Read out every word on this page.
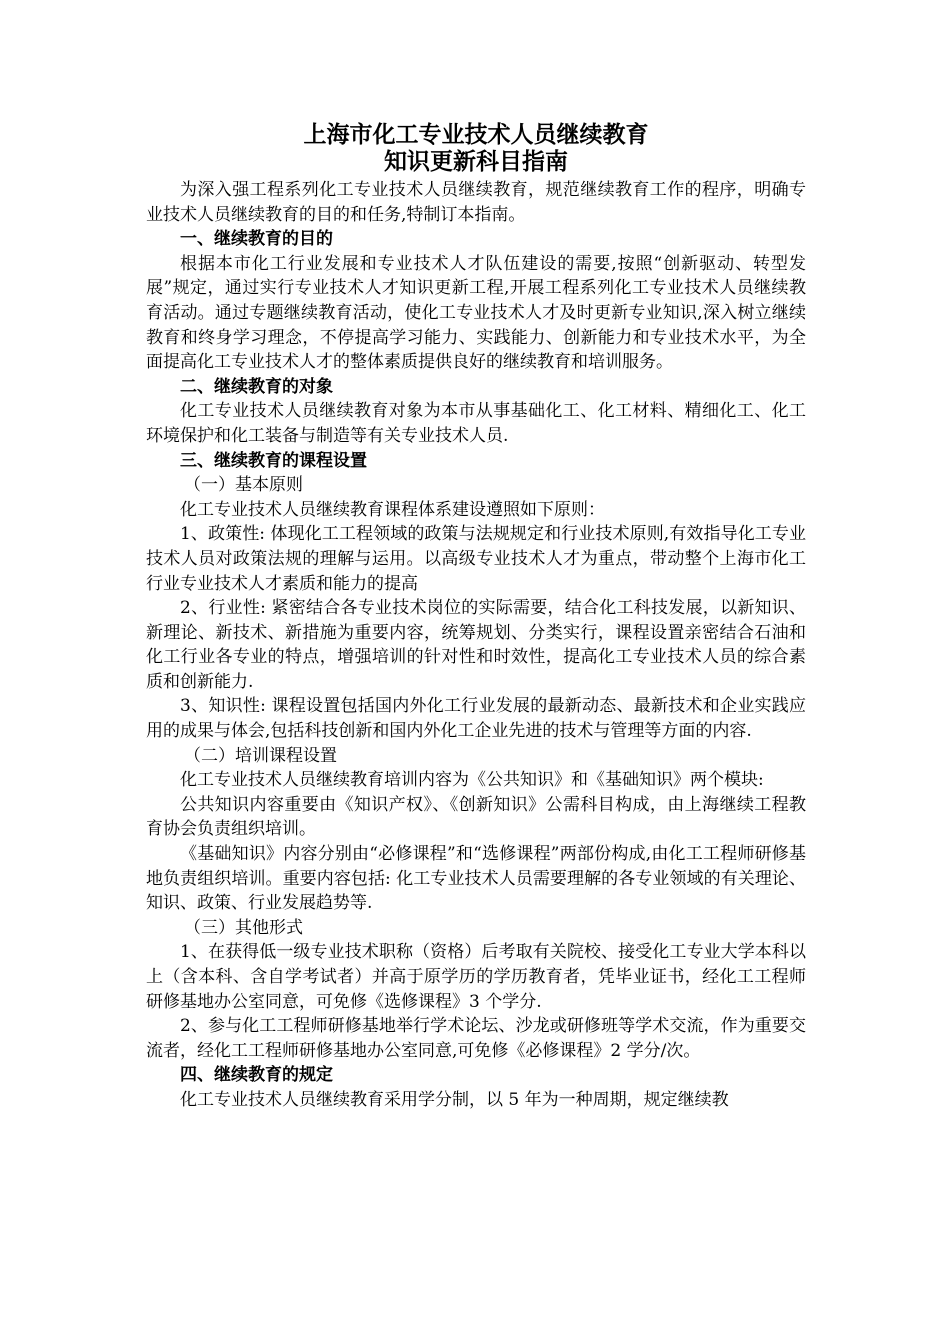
上海市化工专业技术人员继续教育
知识更新科目指南

为深入强工程系列化工专业技术人员继续教育，规范继续教育工作的程序，明确专业技术人员继续教育的目的和任务,特制订本指南。

一、继续教育的目的

根据本市化工行业发展和专业技术人才队伍建设的需要,按照“创新驱动、转型发展”规定，通过实行专业技术人才知识更新工程,开展工程系列化工专业技术人员继续教育活动。通过专题继续教育活动，使化工专业技术人才及时更新专业知识,深入树立继续教育和终身学习理念，不停提高学习能力、实践能力、创新能力和专业技术水平，为全面提高化工专业技术人才的整体素质提供良好的继续教育和培训服务。

二、继续教育的对象

化工专业技术人员继续教育对象为本市从事基础化工、化工材料、精细化工、化工环境保护和化工装备与制造等有关专业技术人员.

三、继续教育的课程设置

（一）基本原则

化工专业技术人员继续教育课程体系建设遵照如下原则：

1、政策性: 体现化工工程领域的政策与法规规定和行业技术原则,有效指导化工专业技术人员对政策法规的理解与运用。以高级专业技术人才为重点，带动整个上海市化工行业专业技术人才素质和能力的提高

2、行业性: 紧密结合各专业技术岗位的实际需要，结合化工科技发展，以新知识、新理论、新技术、新措施为重要内容，统筹规划、分类实行，课程设置亲密结合石油和化工行业各专业的特点，增强培训的针对性和时效性，提高化工专业技术人员的综合素质和创新能力.

3、知识性: 课程设置包括国内外化工行业发展的最新动态、最新技术和企业实践应用的成果与体会,包括科技创新和国内外化工企业先进的技术与管理等方面的内容.

（二）培训课程设置

化工专业技术人员继续教育培训内容为《公共知识》和《基础知识》两个模块:

公共知识内容重要由《知识产权》、《创新知识》公需科目构成，由上海继续工程教育协会负责组织培训。

《基础知识》内容分别由“必修课程”和“选修课程”两部份构成,由化工工程师研修基地负责组织培训。重要内容包括: 化工专业技术人员需要理解的各专业领域的有关理论、知识、政策、行业发展趋势等.

（三）其他形式

1、在获得低一级专业技术职称（资格）后考取有关院校、接受化工专业大学本科以上（含本科、含自学考试者）并高于原学历的学历教育者，凭毕业证书，经化工工程师研修基地办公室同意，可免修《选修课程》3 个学分.

2、参与化工工程师研修基地举行学术论坛、沙龙或研修班等学术交流，作为重要交流者，经化工工程师研修基地办公室同意,可免修《必修课程》2 学分/次。

四、继续教育的规定

化工专业技术人员继续教育采用学分制，以 5 年为一种周期，规定继续教
